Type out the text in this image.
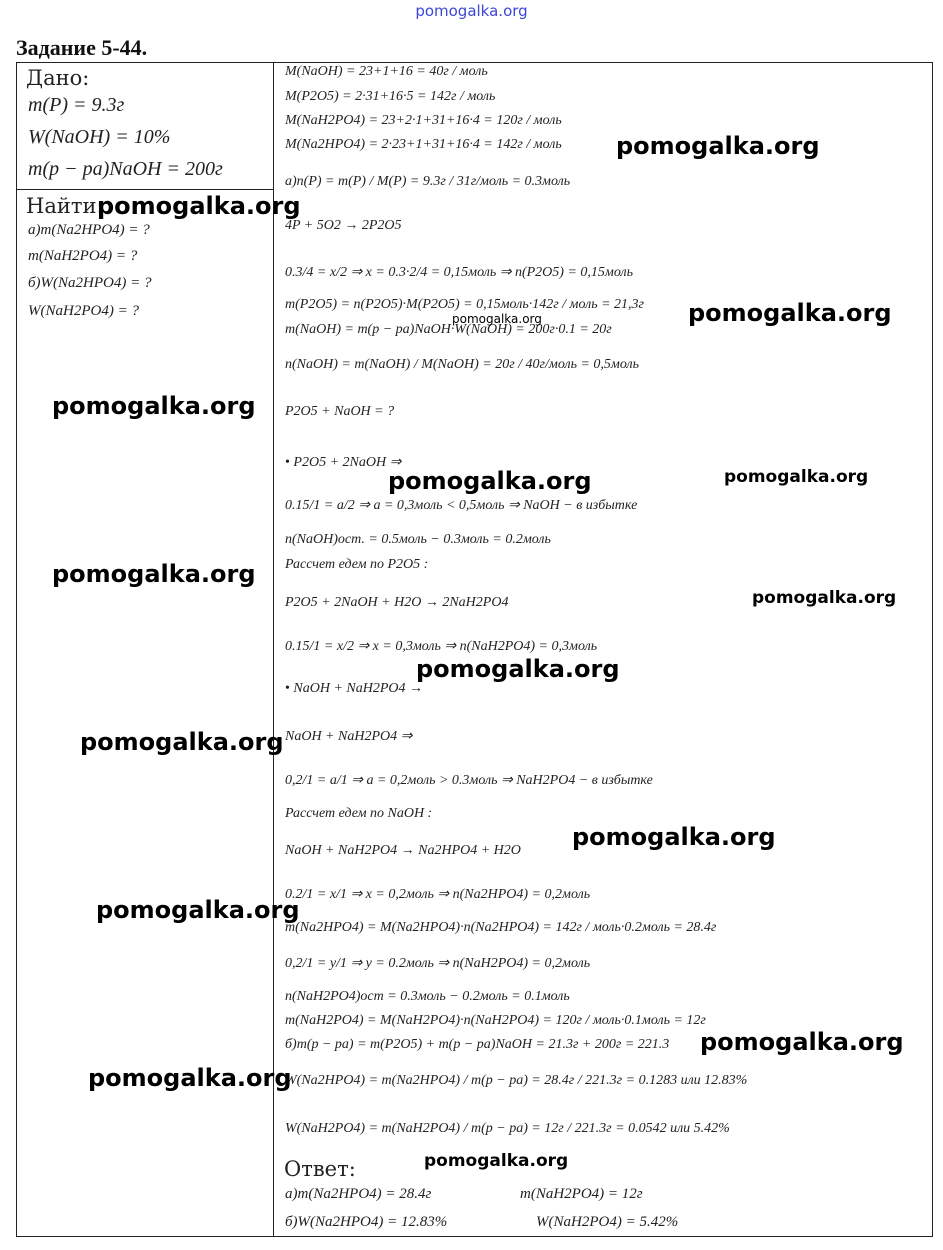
pomogalka.org
Задание 5-44.
Дано:
m(P) = 9.3г
W(NaOH) = 10%
m(p − pa)NaOH = 200г
Найти:
а)m(Na2HPO4) = ?
m(NaH2PO4) = ?
б)W(Na2HPO4) = ?
W(NaH2PO4) = ?
M(NaOH) = 23+1+16 = 40г / моль
M(P2O5) = 2·31+16·5 = 142г / моль
M(NaH2PO4) = 23+2·1+31+16·4 = 120г / моль
M(Na2HPO4) = 2·23+1+31+16·4 = 142г / моль
а)n(P) = m(P) / M(P) = 9.3г / 31г/моль = 0.3моль
4P + 5O2 → 2P2O5
0.3/4 = x/2 ⇒ x = 0.3·2/4 = 0,15моль ⇒ n(P2O5) = 0,15моль
m(P2O5) = n(P2O5)·M(P2O5) = 0,15моль·142г / моль = 21,3г
m(NaOH) = m(p − pa)NaOH·W(NaOH) = 200г·0.1 = 20г
n(NaOH) = m(NaOH) / M(NaOH) = 20г / 40г/моль = 0,5моль
P2O5 + NaOH = ?
• P2O5 + 2NaOH ⇒
0.15/1 = a/2 ⇒ a = 0,3моль < 0,5моль ⇒ NaOH − в избытке
n(NaOH)ост. = 0.5моль − 0.3моль = 0.2моль
Рассчет едем по P2O5 :
P2O5 + 2NaOH + H2O → 2NaH2PO4
0.15/1 = x/2 ⇒ x = 0,3моль ⇒ n(NaH2PO4) = 0,3моль
• NaOH + NaH2PO4 →
NaOH + NaH2PO4 ⇒
0,2/1 = a/1 ⇒ a = 0,2моль > 0.3моль ⇒ NaH2PO4 − в избытке
Рассчет едем по NaOH :
NaOH + NaH2PO4 → Na2HPO4 + H2O
0.2/1 = x/1 ⇒ x = 0,2моль ⇒ n(Na2HPO4) = 0,2моль
m(Na2HPO4) = M(Na2HPO4)·n(Na2HPO4) = 142г / моль·0.2моль = 28.4г
0,2/1 = y/1 ⇒ y = 0.2моль ⇒ n(NaH2PO4) = 0,2моль
n(NaH2PO4)ост = 0.3моль − 0.2моль = 0.1моль
m(NaH2PO4) = M(NaH2PO4)·n(NaH2PO4) = 120г / моль·0.1моль = 12г
б)m(p − pa) = m(P2O5) + m(p − pa)NaOH = 21.3г + 200г = 221.3
W(Na2HPO4) = m(Na2HPO4) / m(p − pa) = 28.4г / 221.3г = 0.1283 или 12.83%
W(NaH2PO4) = m(NaH2PO4) / m(p − pa) = 12г / 221.3г = 0.0542 или 5.42%
Ответ:
а)m(Na2HPO4) = 28.4г	m(NaH2PO4) = 12г
б)W(Na2HPO4) = 12.83%	W(NaH2PO4) = 5.42%
pomogalka.org
pomogalka.org
pomogalka.org	pomogalka.org
pomogalka.org
pomogalka.org	pomogalka.org
pomogalka.org
pomogalka.org
pomogalka.org
pomogalka.org
pomogalka.org
pomogalka.org
pomogalka.org
pomogalka.org
pomogalka.org
